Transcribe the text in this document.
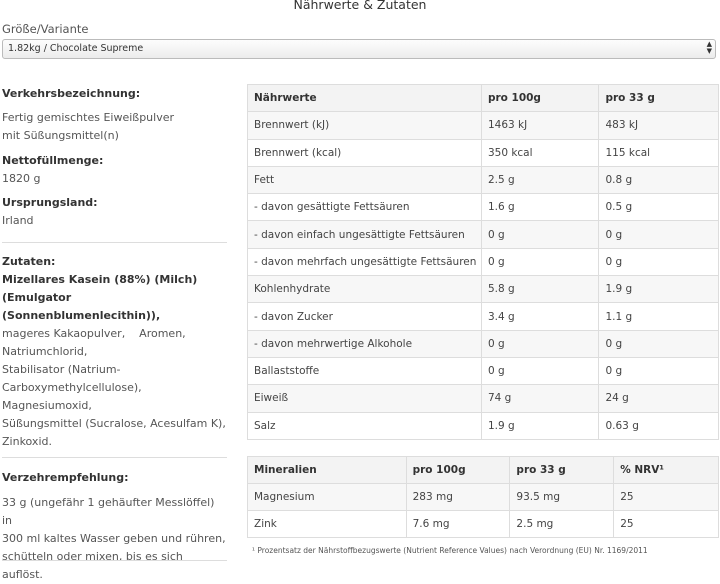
Nährwerte & Zutaten
Größe/Variante
1.82kg / Chocolate Supreme	▲
▼
Verkehrsbezeichnung:
Fertig gemischtes Eiweißpulver
mit Süßungsmittel(n)
Nettofüllmenge:
1820 g
Ursprungsland:
Irland
Zutaten:
Mizellares Kasein (88%) (Milch)
(Emulgator (Sonnenblumenlecithin)),
mageres Kakaopulver,    Aromen,
Natriumchlorid,
Stabilisator (Natrium-
Carboxymethylcellulose),
Magnesiumoxid,
Süßungsmittel (Sucralose, Acesulfam K),
Zinkoxid.
Verzehrempfehlung:
33 g (ungefähr 1 gehäufter Messlöffel) in
300 ml kaltes Wasser geben und rühren,
schütteln oder mixen, bis es sich auflöst.
Nährwerte	pro 100g	pro 33 g
Brennwert (kJ)	1463 kJ	483 kJ
Brennwert (kcal)	350 kcal	115 kcal
Fett	2.5 g	0.8 g
- davon gesättigte Fettsäuren	1.6 g	0.5 g
- davon einfach ungesättigte Fettsäuren	0 g	0 g
- davon mehrfach ungesättigte Fettsäuren	0 g	0 g
Kohlenhydrate	5.8 g	1.9 g
- davon Zucker	3.4 g	1.1 g
- davon mehrwertige Alkohole	0 g	0 g
Ballaststoffe	0 g	0 g
Eiweiß	74 g	24 g
Salz	1.9 g	0.63 g
Mineralien	pro 100g	pro 33 g	% NRV¹
Magnesium	283 mg	93.5 mg	25
Zink	7.6 mg	2.5 mg	25
¹ Prozentsatz der Nährstoffbezugswerte (Nutrient Reference Values) nach Verordnung (EU) Nr. 1169/2011
